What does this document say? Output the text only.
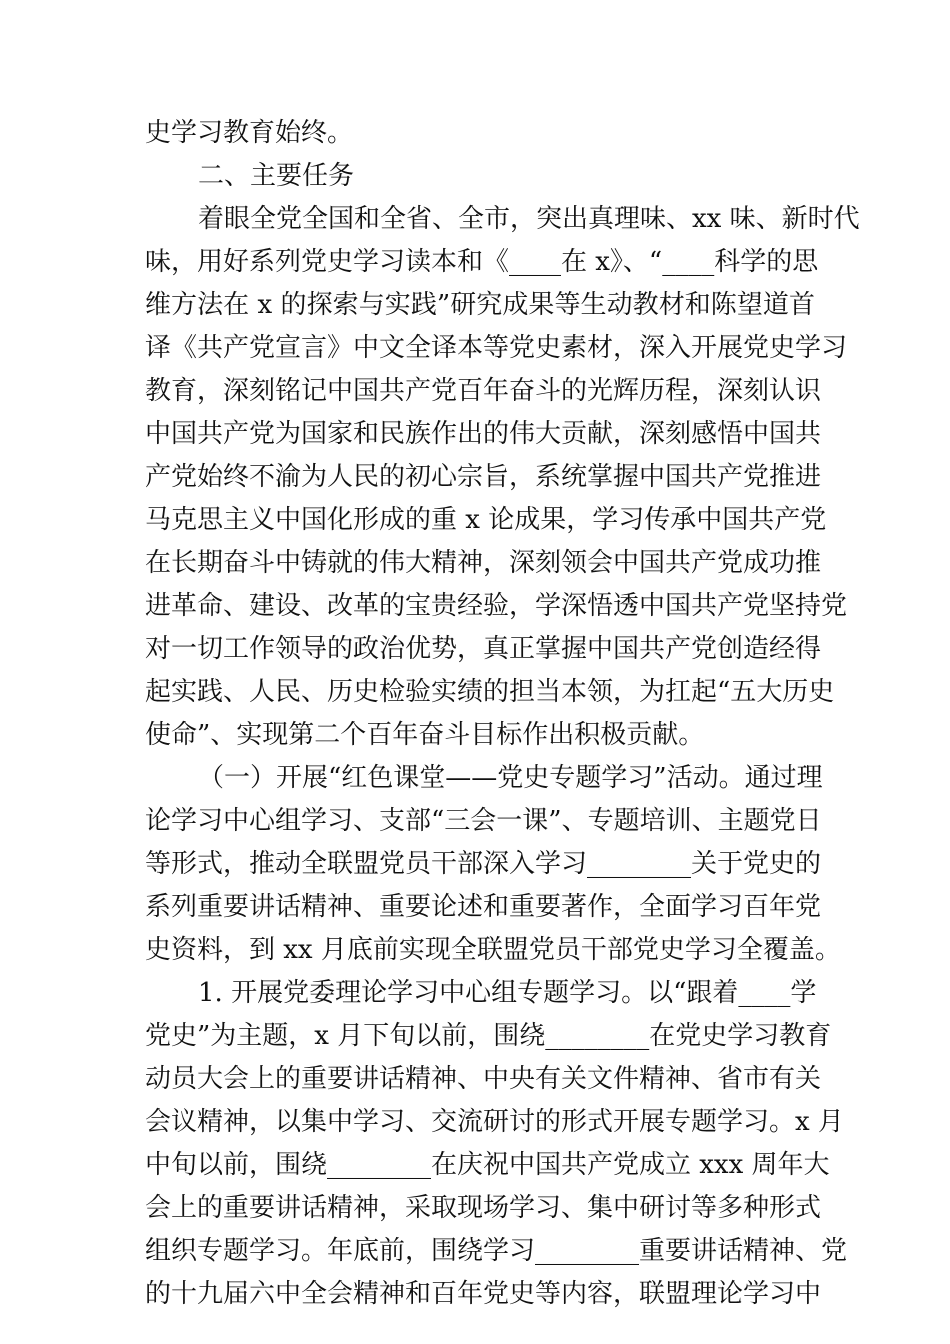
史学习教育始终。
二、主要任务
着眼全党全国和全省、全市，突出真理味、xx 味、新时代
味，用好系列党史学习读本和《____在 x》、“____科学的思
维方法在 x 的探索与实践”研究成果等生动教材和陈望道首
译《共产党宣言》中文全译本等党史素材，深入开展党史学习
教育，深刻铭记中国共产党百年奋斗的光辉历程，深刻认识
中国共产党为国家和民族作出的伟大贡献，深刻感悟中国共
产党始终不渝为人民的初心宗旨，系统掌握中国共产党推进
马克思主义中国化形成的重 x 论成果，学习传承中国共产党
在长期奋斗中铸就的伟大精神，深刻领会中国共产党成功推
进革命、建设、改革的宝贵经验，学深悟透中国共产党坚持党
对一切工作领导的政治优势，真正掌握中国共产党创造经得
起实践、人民、历史检验实绩的担当本领，为扛起“五大历史
使命”、实现第二个百年奋斗目标作出积极贡献。
（一）开展“红色课堂——党史专题学习”活动。通过理
论学习中心组学习、支部“三会一课”、专题培训、主题党日
等形式，推动全联盟党员干部深入学习________关于党史的
系列重要讲话精神、重要论述和重要著作，全面学习百年党
史资料，到 xx 月底前实现全联盟党员干部党史学习全覆盖。
1. 开展党委理论学习中心组专题学习。以“跟着____学
党史”为主题，x 月下旬以前，围绕________在党史学习教育
动员大会上的重要讲话精神、中央有关文件精神、省市有关
会议精神，以集中学习、交流研讨的形式开展专题学习。x 月
中旬以前，围绕________在庆祝中国共产党成立 xxx 周年大
会上的重要讲话精神，采取现场学习、集中研讨等多种形式
组织专题学习。年底前，围绕学习________重要讲话精神、党
的十九届六中全会精神和百年党史等内容，联盟理论学习中
